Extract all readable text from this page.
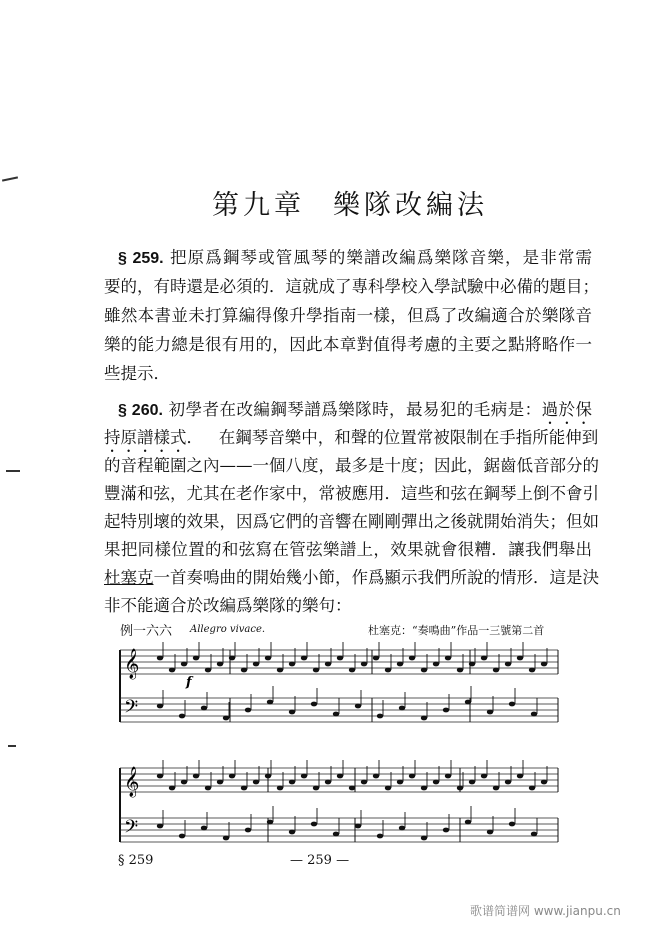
第九章 樂隊改編法
§ 259. 把原爲鋼琴或管風琴的樂譜改編爲樂隊音樂，是非常需
要的，有時還是必須的．這就成了專科學校入學試驗中必備的題目；
雖然本書並未打算編得像升學指南一樣，但爲了改編適合於樂隊音
樂的能力總是很有用的，因此本章對值得考慮的主要之點將略作一
些提示．
§ 260. 初學者在改編鋼琴譜爲樂隊時，最易犯的毛病是：過於保
持原譜樣式． 在鋼琴音樂中，和聲的位置常被限制在手指所能伸到
的音程範圍之內——一個八度，最多是十度；因此，鋸齒低音部分的
豐滿和弦，尤其在老作家中，常被應用．這些和弦在鋼琴上倒不會引
起特別壞的效果，因爲它們的音響在剛剛彈出之後就開始消失；但如
果把同樣位置的和弦寫在管弦樂譜上，效果就會很糟．讓我們舉出
杜塞克一首奏鳴曲的開始幾小節，作爲顯示我們所說的情形．這是決
非不能適合於改編爲樂隊的樂句：
例一六六 Allegro vivace.	杜塞克：“奏鳴曲”作品一三號第二首
𝄞
𝄢
𝄞
𝄢
f
§ 259	— 259 —
歌谱简谱网 www.jianpu.cn
